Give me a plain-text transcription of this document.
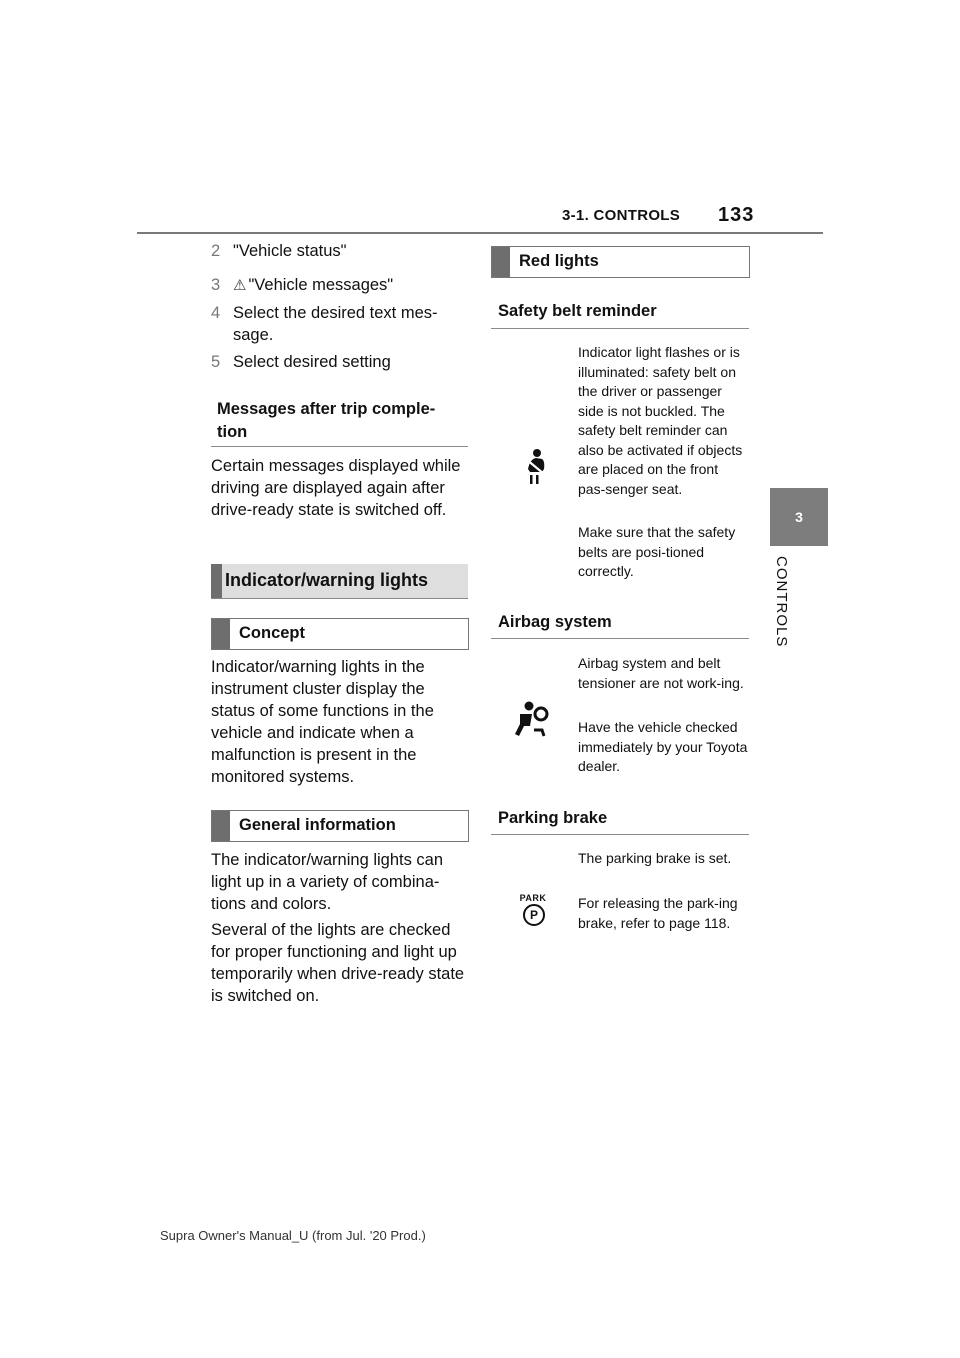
3-1. CONTROLS 133
3
CONTROLS
2 "Vehicle status"
3 ⚠ "Vehicle messages"
4 Select the desired text mes-sage.
5 Select desired setting
Messages after trip comple-tion
Certain messages displayed while driving are displayed again after drive-ready state is switched off.
Indicator/warning lights
Concept
Indicator/warning lights in the instrument cluster display the status of some functions in the vehicle and indicate when a malfunction is present in the monitored systems.
General information
The indicator/warning lights can light up in a variety of combina-tions and colors.
Several of the lights are checked for proper functioning and light up temporarily when drive-ready state is switched on.
Red lights
Safety belt reminder
Indicator light flashes or is illuminated: safety belt on the driver or passenger side is not buckled. The safety belt reminder can also be activated if objects are placed on the front pas-senger seat.
Make sure that the safety belts are posi-tioned correctly.
Airbag system
Airbag system and belt tensioner are not work-ing.
Have the vehicle checked immediately by your Toyota dealer.
Parking brake
PARK
P
The parking brake is set.
For releasing the park-ing brake, refer to page 118.
Supra Owner's Manual_U (from Jul. '20 Prod.)
